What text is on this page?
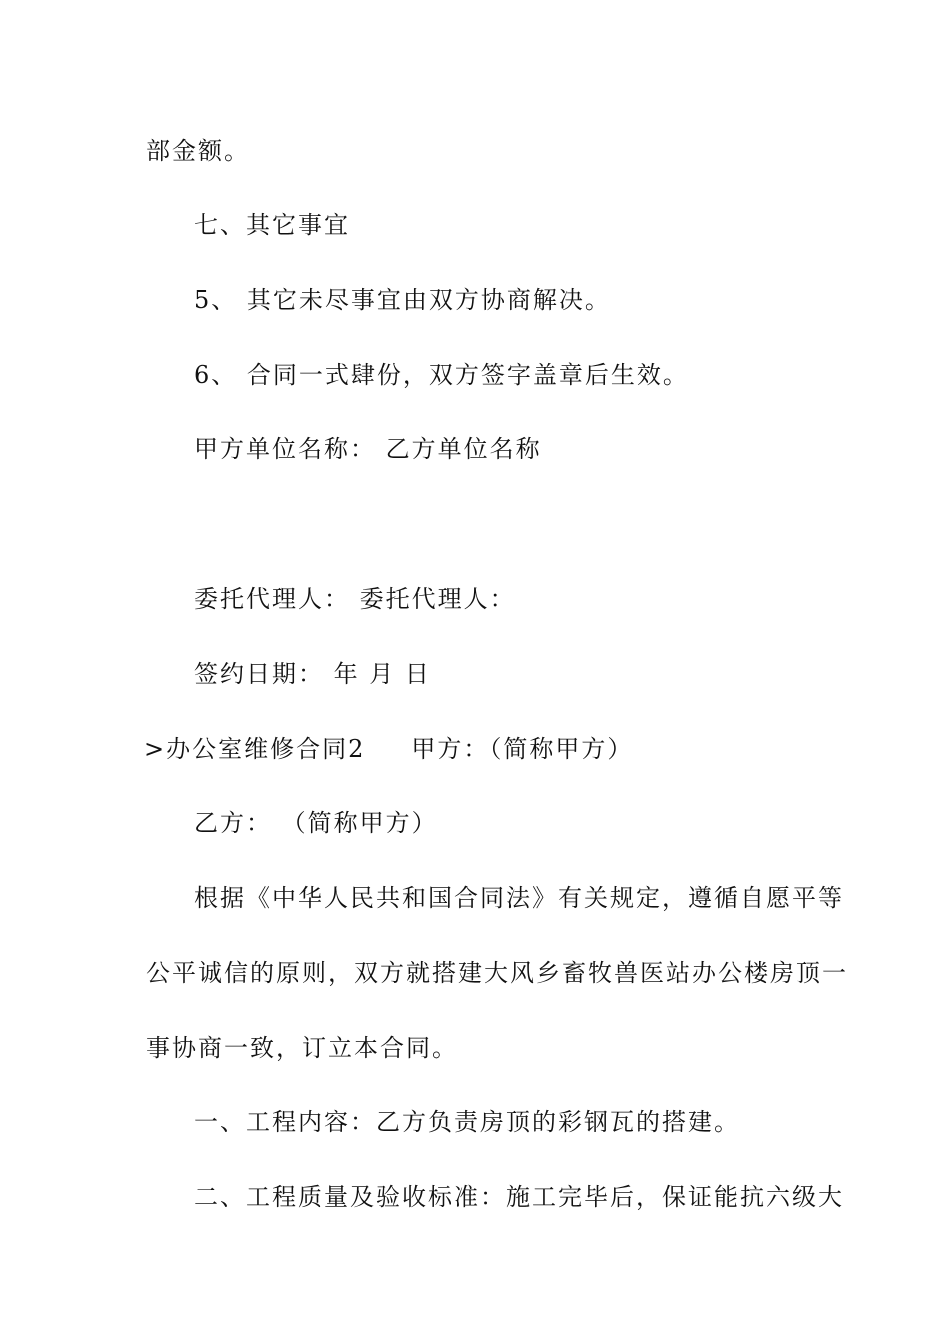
部金额。
七、其它事宜
5、 其它未尽事宜由双方协商解决。
6、 合同一式肆份，双方签字盖章后生效。
甲方单位名称： 乙方单位名称
委托代理人： 委托代理人：
签约日期： 年 月 日
>办公室维修合同2 甲方：（简称甲方）
乙方： （简称甲方）
根据《中华人民共和国合同法》有关规定，遵循自愿平等
公平诚信的原则，双方就搭建大风乡畜牧兽医站办公楼房顶一
事协商一致，订立本合同。
一、工程内容：乙方负责房顶的彩钢瓦的搭建。
二、工程质量及验收标准：施工完毕后，保证能抗六级大
